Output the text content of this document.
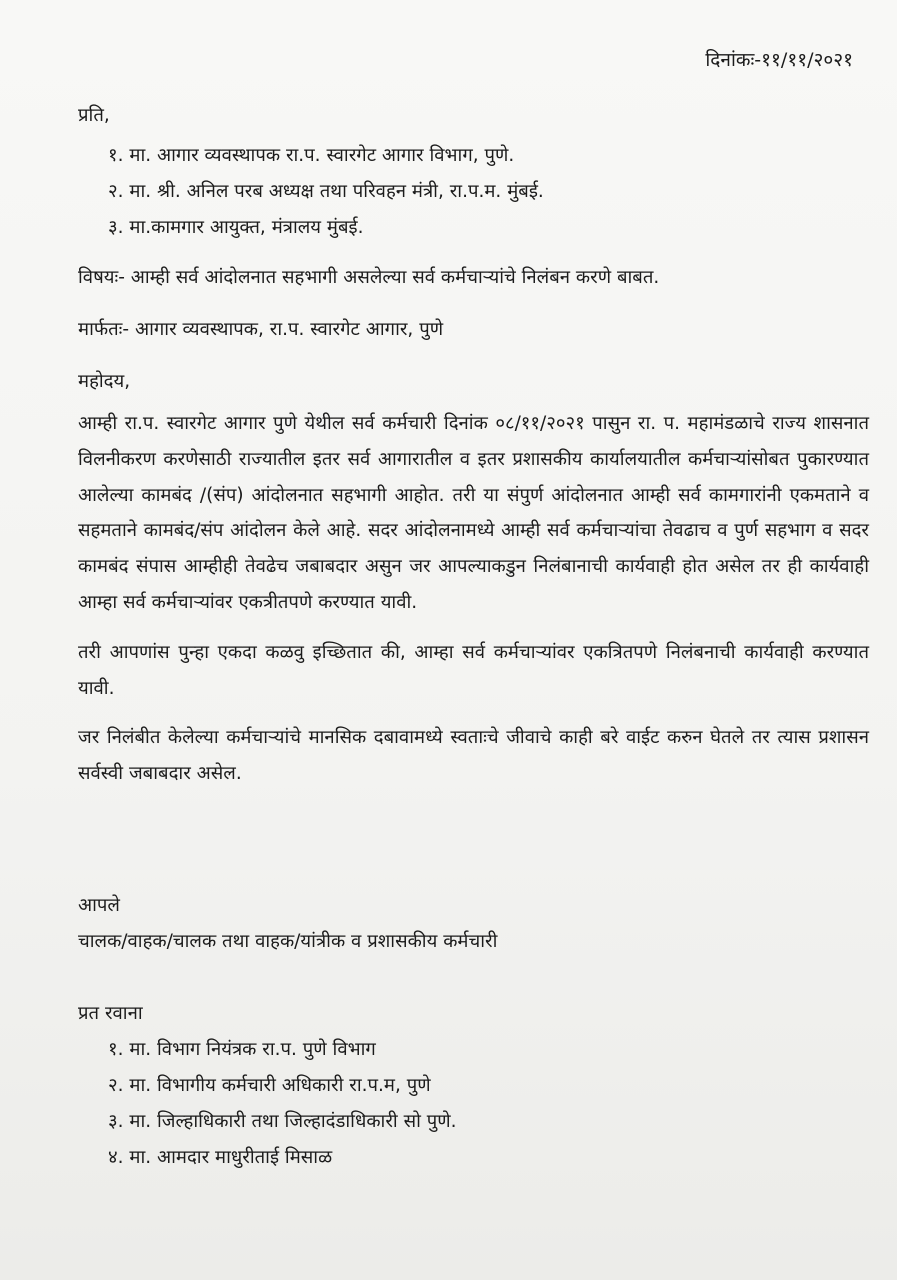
दिनांकः-११/११/२०२१
प्रति,
१. मा. आगार व्यवस्थापक रा.प. स्वारगेट आगार विभाग, पुणे.
२. मा. श्री. अनिल परब अध्यक्ष तथा परिवहन मंत्री, रा.प.म. मुंबई.
३. मा.कामगार आयुक्त, मंत्रालय मुंबई.
विषयः- आम्ही सर्व आंदोलनात सहभागी असलेल्या सर्व कर्मचाऱ्यांचे निलंबन करणे बाबत.
मार्फतः- आगार व्यवस्थापक, रा.प. स्वारगेट आगार, पुणे
महोदय,

आम्ही रा.प. स्वारगेट आगार पुणे येथील सर्व कर्मचारी दिनांक ०८/११/२०२१ पासुन रा. प. महामंडळाचे राज्य शासनात विलनीकरण करणेसाठी राज्यातील इतर सर्व आगारातील व इतर प्रशासकीय कार्यालयातील कर्मचाऱ्यांसोबत पुकारण्यात आलेल्या कामबंद /(संप) आंदोलनात सहभागी आहोत. तरी या संपुर्ण आंदोलनात आम्ही सर्व कामगारांनी एकमताने व सहमताने कामबंद/संप आंदोलन केले आहे. सदर आंदोलनामध्ये आम्ही सर्व कर्मचाऱ्यांचा तेवढाच व पुर्ण सहभाग व सदर कामबंद संपास आम्हीही तेवढेच जबाबदार असुन जर आपल्याकडुन निलंबानाची कार्यवाही होत असेल तर ही कार्यवाही आम्हा सर्व कर्मचाऱ्यांवर एकत्रीतपणे करण्यात यावी.

तरी आपणांस पुन्हा एकदा कळवु इच्छितात की, आम्हा सर्व कर्मचाऱ्यांवर एकत्रितपणे निलंबनाची कार्यवाही करण्यात यावी.

जर निलंबीत केलेल्या कर्मचाऱ्यांचे मानसिक दबावामध्ये स्वताःचे जीवाचे काही बरे वाईट करुन घेतले तर त्यास प्रशासन सर्वस्वी जबाबदार असेल.

आपले
चालक/वाहक/चालक तथा वाहक/यांत्रीक व प्रशासकीय कर्मचारी
प्रत रवाना
१. मा. विभाग नियंत्रक रा.प. पुणे विभाग
२. मा. विभागीय कर्मचारी अधिकारी रा.प.म, पुणे
३. मा. जिल्हाधिकारी तथा जिल्हादंडाधिकारी सो पुणे.
४. मा. आमदार माधुरीताई मिसाळ
